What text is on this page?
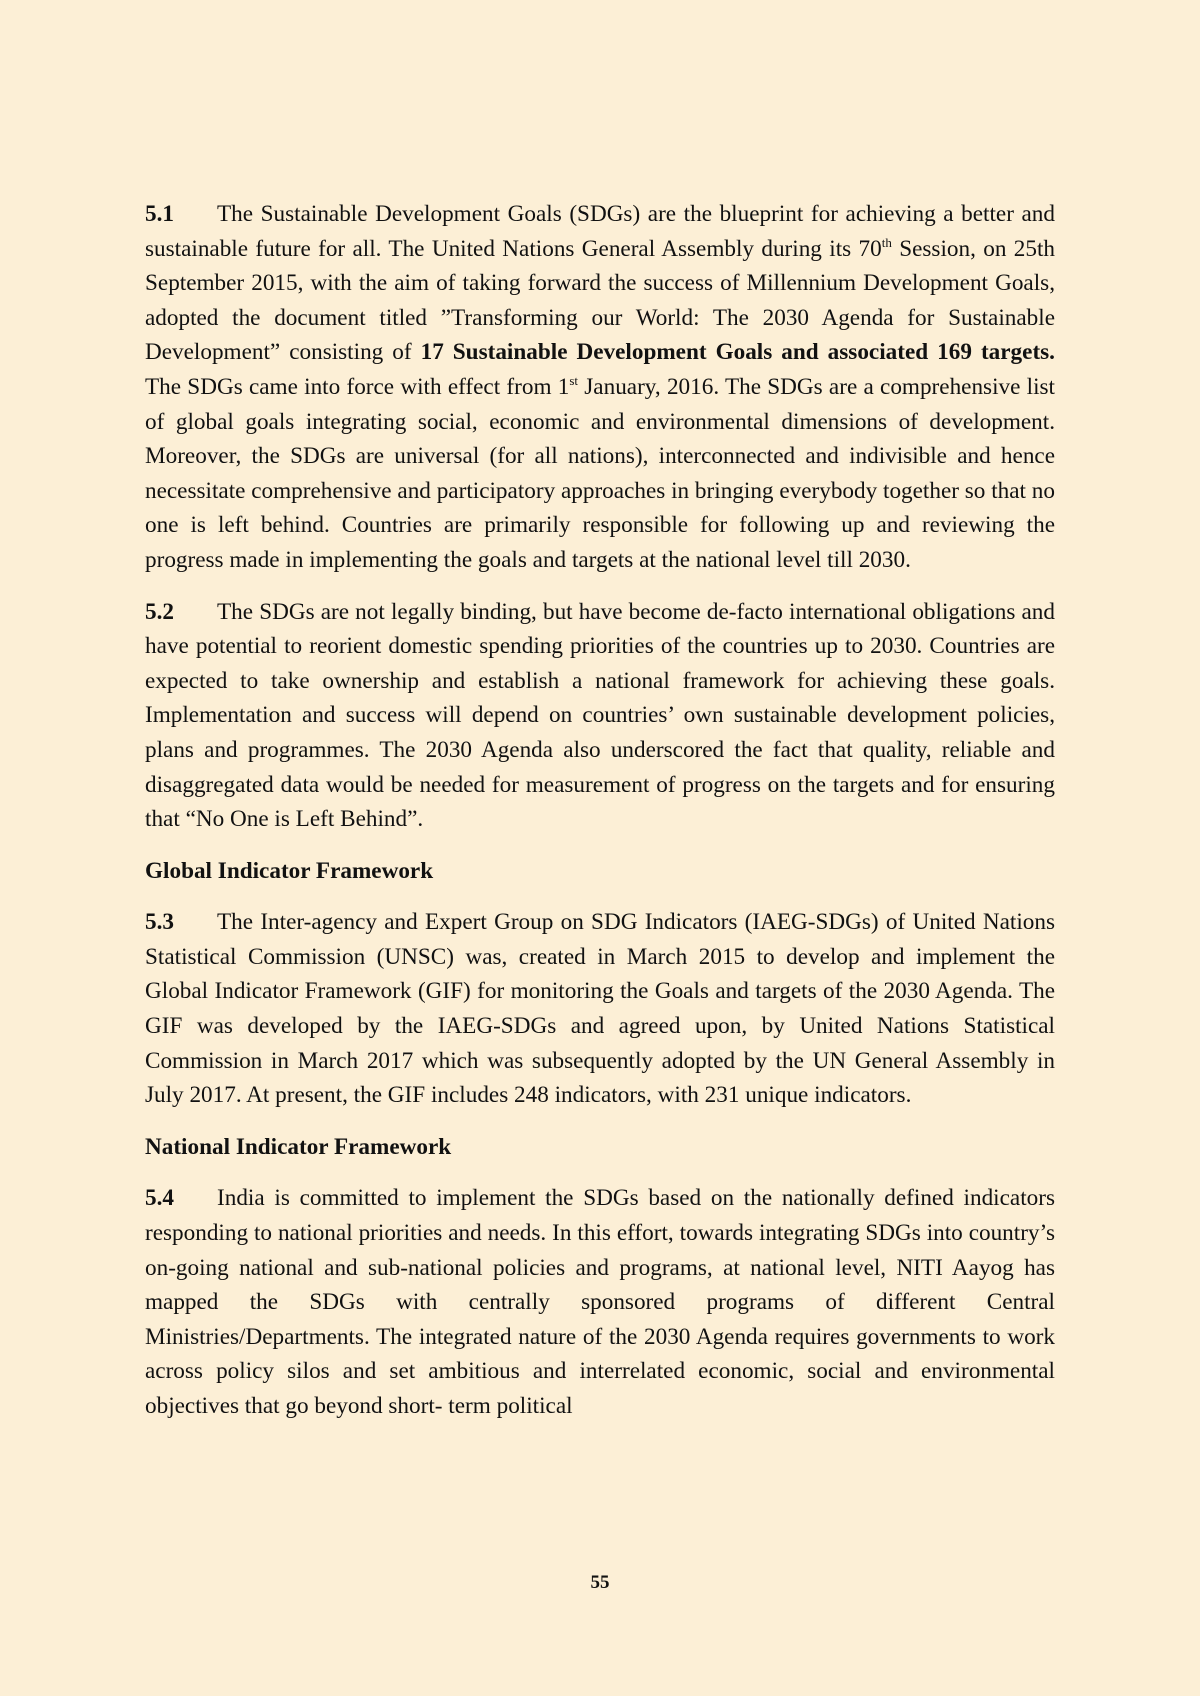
5.1 The Sustainable Development Goals (SDGs) are the blueprint for achieving a better and sustainable future for all. The United Nations General Assembly during its 70th Session, on 25th September 2015, with the aim of taking forward the success of Millennium Development Goals, adopted the document titled ”Transforming our World: The 2030 Agenda for Sustainable Development” consisting of 17 Sustainable Development Goals and associated 169 targets. The SDGs came into force with effect from 1st January, 2016. The SDGs are a comprehensive list of global goals integrating social, economic and environmental dimensions of development. Moreover, the SDGs are universal (for all nations), interconnected and indivisible and hence necessitate comprehensive and participatory approaches in bringing everybody together so that no one is left behind. Countries are primarily responsible for following up and reviewing the progress made in implementing the goals and targets at the national level till 2030.

5.2 The SDGs are not legally binding, but have become de-facto international obligations and have potential to reorient domestic spending priorities of the countries up to 2030. Countries are expected to take ownership and establish a national framework for achieving these goals. Implementation and success will depend on countries’ own sustainable development policies, plans and programmes. The 2030 Agenda also underscored the fact that quality, reliable and disaggregated data would be needed for measurement of progress on the targets and for ensuring that “No One is Left Behind”.

Global Indicator Framework

5.3 The Inter-agency and Expert Group on SDG Indicators (IAEG-SDGs) of United Nations Statistical Commission (UNSC) was, created in March 2015 to develop and implement the Global Indicator Framework (GIF) for monitoring the Goals and targets of the 2030 Agenda. The GIF was developed by the IAEG-SDGs and agreed upon, by United Nations Statistical Commission in March 2017 which was subsequently adopted by the UN General Assembly in July 2017. At present, the GIF includes 248 indicators, with 231 unique indicators.

National Indicator Framework

5.4 India is committed to implement the SDGs based on the nationally defined indicators responding to national priorities and needs. In this effort, towards integrating SDGs into country’s on-going national and sub-national policies and programs, at national level, NITI Aayog has mapped the SDGs with centrally sponsored programs of different Central Ministries/Departments. The integrated nature of the 2030 Agenda requires governments to work across policy silos and set ambitious and interrelated economic, social and environmental objectives that go beyond short- term political

55
